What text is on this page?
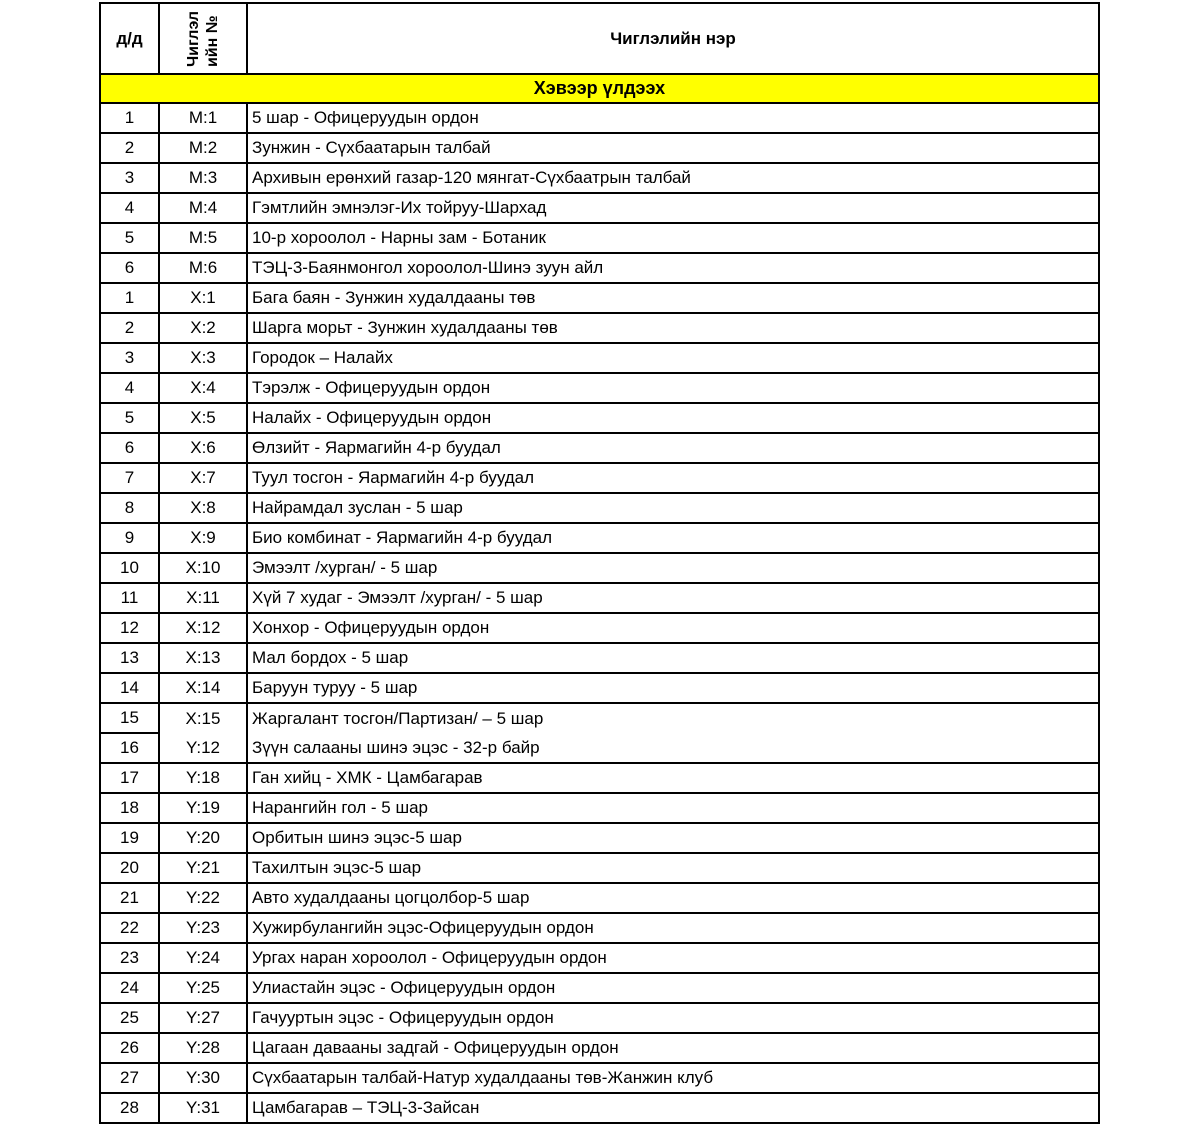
д/д	Чиглэл ийн №	Чиглэлийн нэр
Хэвээр үлдээх		
1	M:1	5 шар - Офицеруудын ордон
2	M:2	Зунжин - Сүхбаатарын талбай
3	M:3	Архивын ерөнхий газар-120 мянгат-Сүхбаатрын талбай
4	M:4	Гэмтлийн эмнэлэг-Их тойруу-Шархад
5	M:5	10-р хороолол - Нарны зам - Ботаник
6	M:6	ТЭЦ-3-Баянмонгол хороолол-Шинэ зуун айл
1	X:1	Бага баян - Зунжин худалдааны төв
2	X:2	Шарга морьт - Зунжин худалдааны төв
3	X:3	Городок – Налайх
4	X:4	Тэрэлж - Офицеруудын ордон
5	X:5	Налайх - Офицеруудын ордон
6	X:6	Өлзийт - Яармагийн 4-р буудал
7	X:7	Туул тосгон - Яармагийн 4-р буудал
8	X:8	Найрамдал зуслан - 5 шар
9	X:9	Био комбинат - Яармагийн 4-р буудал
10	X:10	Эмээлт /хурган/ - 5 шар
11	X:11	Хүй 7 худаг - Эмээлт /хурган/ - 5 шар
12	X:12	Хонхор - Офицеруудын ордон
13	X:13	Мал бордох - 5 шар
14	X:14	Баруун туруу - 5 шар
15	X:15	Жаргалант тосгон/Партизан/ – 5 шар
16	Y:12	Зүүн салааны шинэ эцэс - 32-р байр
17	Y:18	Ган хийц - ХМК - Цамбагарав
18	Y:19	Нарангийн гол - 5 шар
19	Y:20	Орбитын шинэ эцэс-5 шар
20	Y:21	Тахилтын эцэс-5 шар
21	Y:22	Авто худалдааны цогцолбор-5 шар
22	Y:23	Хужирбулангийн эцэс-Офицеруудын ордон
23	Y:24	Ургах наран хороолол - Офицеруудын ордон
24	Y:25	Улиастайн эцэс - Офицеруудын ордон
25	Y:27	Гачууртын эцэс - Офицеруудын ордон
26	Y:28	Цагаан давааны задгай - Офицеруудын ордон
27	Y:30	Сүхбаатарын талбай-Натур худалдааны төв-Жанжин клуб
28	Y:31	Цамбагарав – ТЭЦ-3-Зайсан
